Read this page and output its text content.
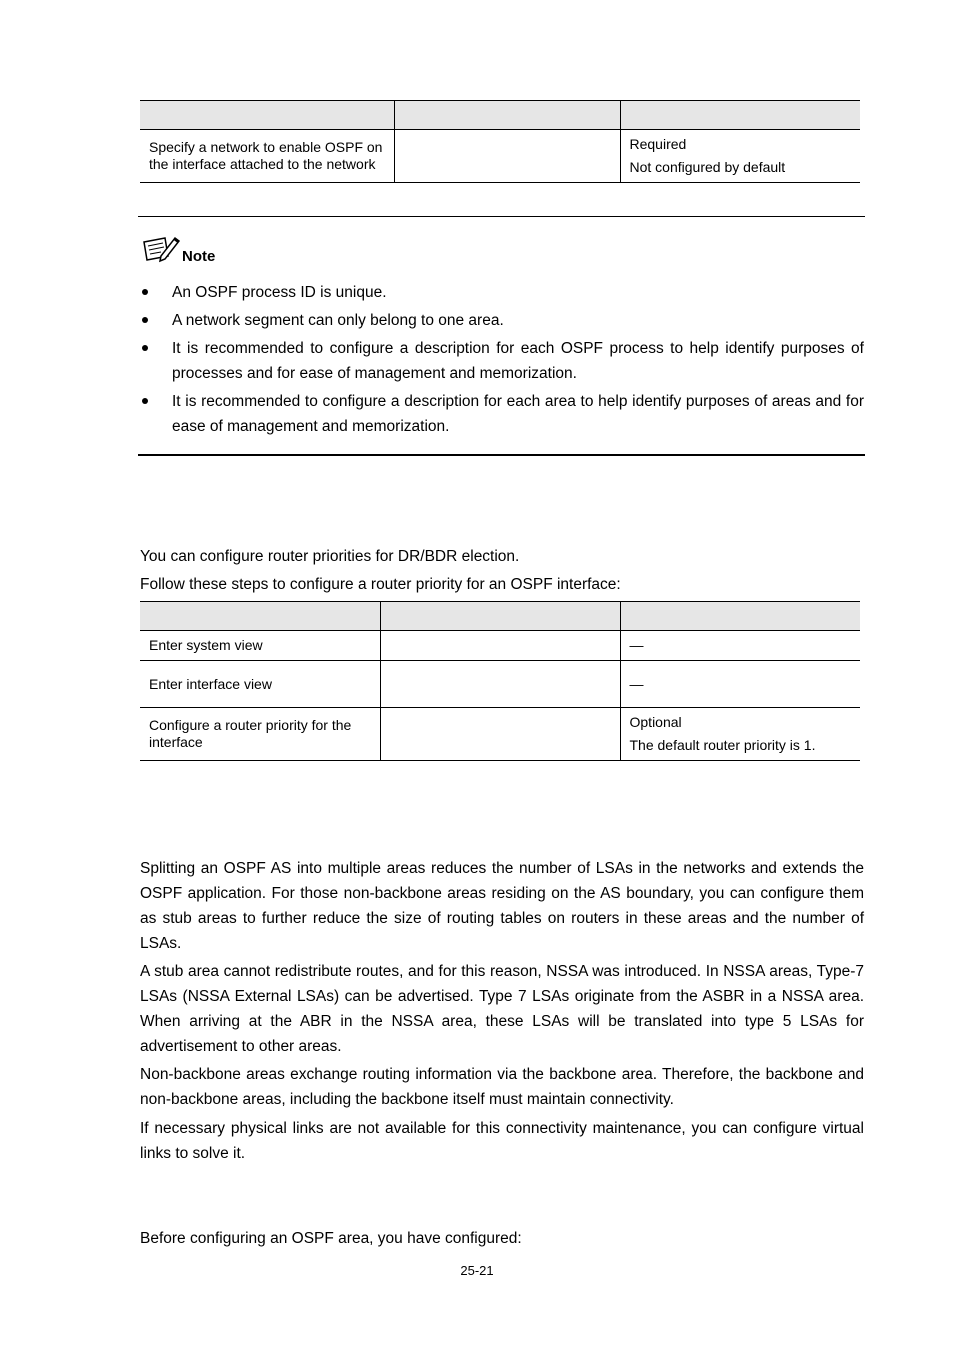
Specify a network to enable OSPF on the interface attached to the network		Required
Not configured by default
Note
An OSPF process ID is unique.
A network segment can only belong to one area.
It is recommended to configure a description for each OSPF process to help identify purposes of processes and for ease of management and memorization.
It is recommended to configure a description for each area to help identify purposes of areas and for ease of management and memorization.

You can configure router priorities for DR/BDR election.

Follow these steps to configure a router priority for an OSPF interface:

Enter system view		—
Enter interface view		—
Configure a router priority for the interface		Optional
The default router priority is 1.

Splitting an OSPF AS into multiple areas reduces the number of LSAs in the networks and extends the OSPF application. For those non-backbone areas residing on the AS boundary, you can configure them as stub areas to further reduce the size of routing tables on routers in these areas and the number of LSAs.

A stub area cannot redistribute routes, and for this reason, NSSA was introduced. In NSSA areas, Type-7 LSAs (NSSA External LSAs) can be advertised. Type 7 LSAs originate from the ASBR in a NSSA area. When arriving at the ABR in the NSSA area, these LSAs will be translated into type 5 LSAs for advertisement to other areas.

Non-backbone areas exchange routing information via the backbone area. Therefore, the backbone and non-backbone areas, including the backbone itself must maintain connectivity.

If necessary physical links are not available for this connectivity maintenance, you can configure virtual links to solve it.

Before configuring an OSPF area, you have configured:

25-21
